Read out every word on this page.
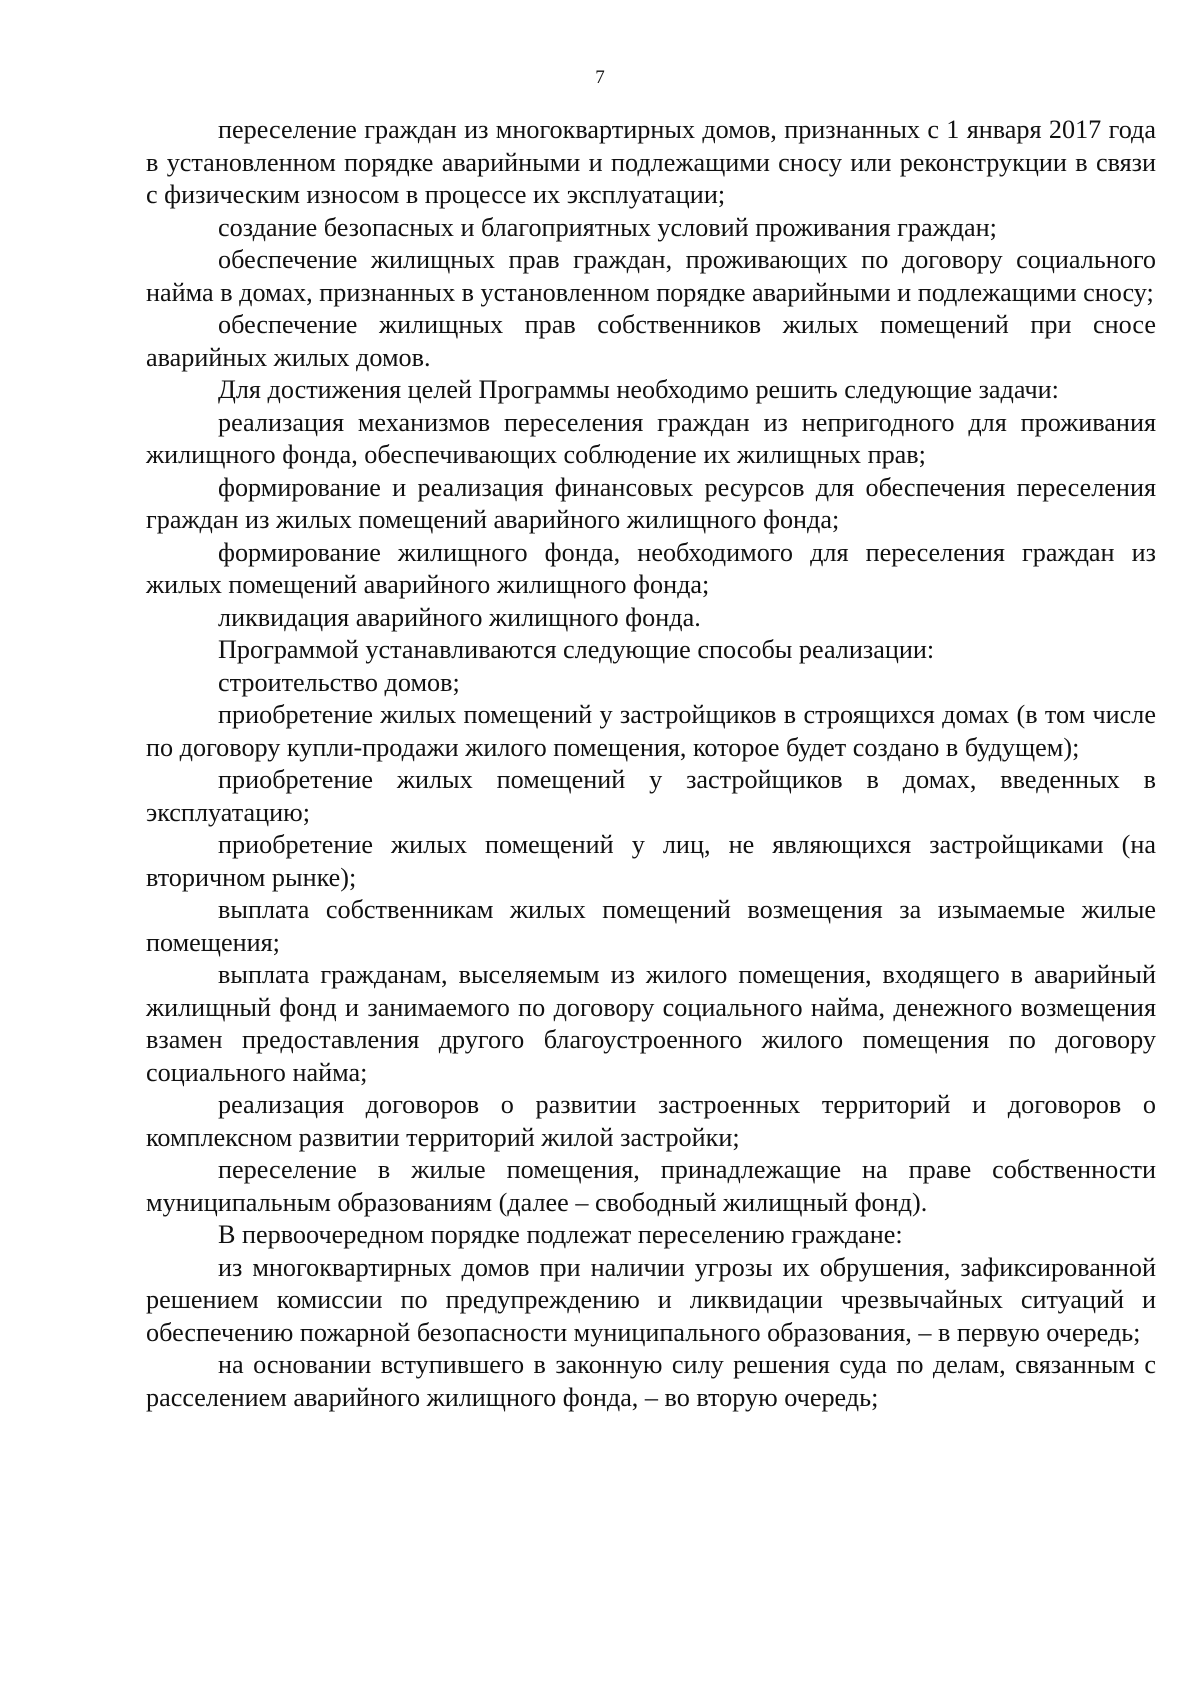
7

переселение граждан из многоквартирных домов, признанных с 1 января 2017 года в установленном порядке аварийными и подлежащими сносу или реконструкции в связи с физическим износом в процессе их эксплуатации;

создание безопасных и благоприятных условий проживания граждан;

обеспечение жилищных прав граждан, проживающих по договору социального найма в домах, признанных в установленном порядке аварийными и подлежащими сносу;

обеспечение жилищных прав собственников жилых помещений при сносе аварийных жилых домов.

Для достижения целей Программы необходимо решить следующие задачи:

реализация механизмов переселения граждан из непригодного для проживания жилищного фонда, обеспечивающих соблюдение их жилищных прав;

формирование и реализация финансовых ресурсов для обеспечения переселения граждан из жилых помещений аварийного жилищного фонда;

формирование жилищного фонда, необходимого для переселения граждан из жилых помещений аварийного жилищного фонда;

ликвидация аварийного жилищного фонда.

Программой устанавливаются следующие способы реализации:

строительство домов;

приобретение жилых помещений у застройщиков в строящихся домах (в том числе по договору купли-продажи жилого помещения, которое будет создано в будущем);

приобретение жилых помещений у застройщиков в домах, введенных в эксплуатацию;

приобретение жилых помещений у лиц, не являющихся застройщиками (на вторичном рынке);

выплата собственникам жилых помещений возмещения за изымаемые жилые помещения;

выплата гражданам, выселяемым из жилого помещения, входящего в аварийный жилищный фонд и занимаемого по договору социального найма, денежного возмещения взамен предоставления другого благоустроенного жилого помещения по договору социального найма;

реализация договоров о развитии застроенных территорий и договоров о комплексном развитии территорий жилой застройки;

переселение в жилые помещения, принадлежащие на праве собственности муниципальным образованиям (далее – свободный жилищный фонд).

В первоочередном порядке подлежат переселению граждане:

из многоквартирных домов при наличии угрозы их обрушения, зафиксированной решением комиссии по предупреждению и ликвидации чрезвычайных ситуаций и обеспечению пожарной безопасности муниципального образования, – в первую очередь;

на основании вступившего в законную силу решения суда по делам, связанным с расселением аварийного жилищного фонда, – во вторую очередь;
